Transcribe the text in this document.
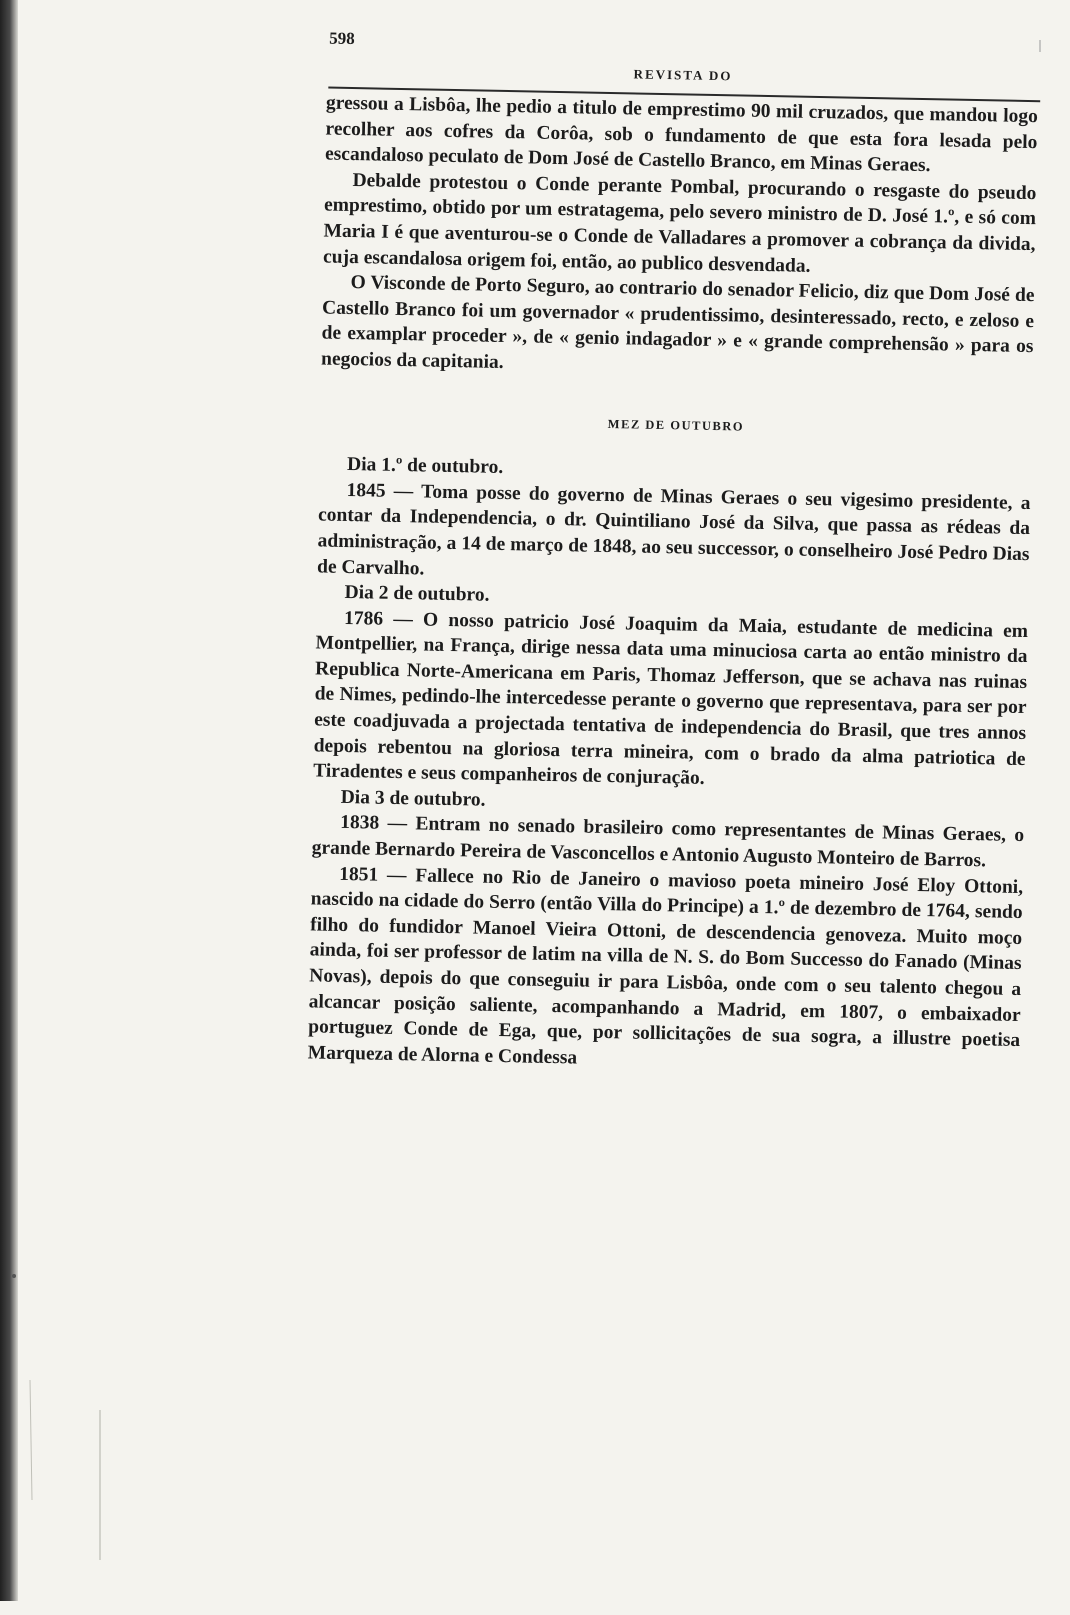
598
REVISTA DO

gressou a Lisbôa, lhe pedio a titulo de emprestimo 90 mil cruzados, que mandou logo recolher aos cofres da Corôa, sob o fundamento de que esta fora lesada pelo escandaloso peculato de Dom José de Castello Branco, em Minas Geraes.

Debalde protestou o Conde perante Pombal, procurando o resgaste do pseudo emprestimo, obtido por um estratagema, pelo severo ministro de D. José 1.º, e só com Maria I é que aventurou-se o Conde de Valladares a promover a cobrança da divida, cuja escandalosa origem foi, então, ao publico desvendada.

O Visconde de Porto Seguro, ao contrario do senador Felicio, diz que Dom José de Castello Branco foi um governador « prudentissimo, desinteressado, recto, e zeloso e de examplar proceder », de « genio indagador » e « grande comprehensão » para os negocios da capitania.

MEZ DE OUTUBRO

Dia 1.º de outubro.

1845 — Toma posse do governo de Minas Geraes o seu vigesimo presidente, a contar da Independencia, o dr. Quintiliano José da Silva, que passa as rédeas da administração, a 14 de março de 1848, ao seu successor, o conselheiro José Pedro Dias de Carvalho.

Dia 2 de outubro.

1786 — O nosso patricio José Joaquim da Maia, estudante de medicina em Montpellier, na França, dirige nessa data uma minuciosa carta ao então ministro da Republica Norte-Americana em Paris, Thomaz Jefferson, que se achava nas ruinas de Nimes, pedindo-lhe intercedesse perante o governo que representava, para ser por este coadjuvada a projectada tentativa de independencia do Brasil, que tres annos depois rebentou na gloriosa terra mineira, com o brado da alma patriotica de Tiradentes e seus companheiros de conjuração.

Dia 3 de outubro.

1838 — Entram no senado brasileiro como representantes de Minas Geraes, o grande Bernardo Pereira de Vasconcellos e Antonio Augusto Monteiro de Barros.

1851 — Fallece no Rio de Janeiro o mavioso poeta mineiro José Eloy Ottoni, nascido na cidade do Serro (então Villa do Principe) a 1.º de dezembro de 1764, sendo filho do fundidor Manoel Vieira Ottoni, de descendencia genoveza. Muito moço ainda, foi ser professor de latim na villa de N. S. do Bom Successo do Fanado (Minas Novas), depois do que conseguiu ir para Lisbôa, onde com o seu talento chegou a alcancar posição saliente, acompanhando a Madrid, em 1807, o embaixador portuguez Conde de Ega, que, por sollicitações de sua sogra, a illustre poetisa Marqueza de Alorna e Condessa
